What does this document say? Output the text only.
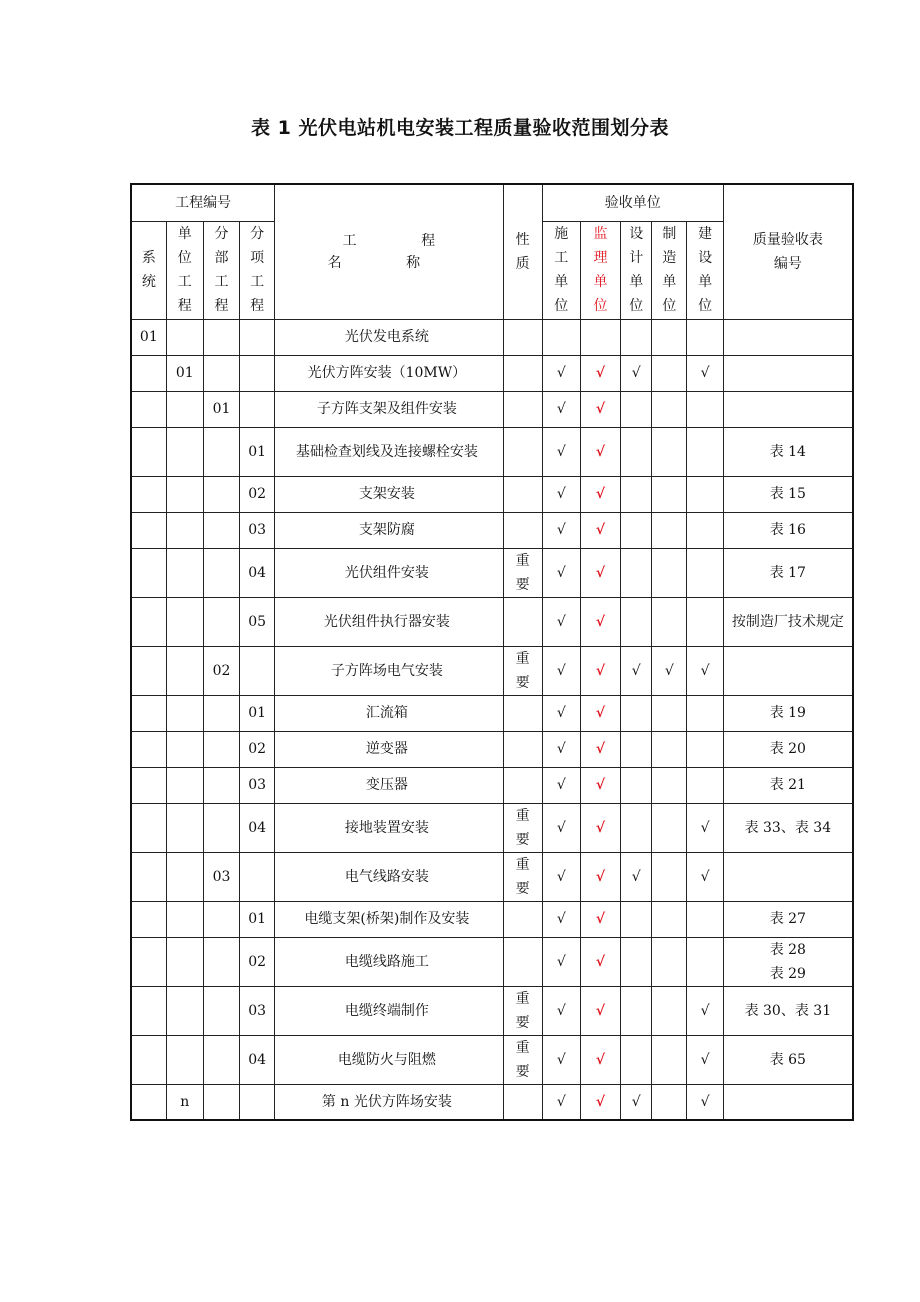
表 1 光伏电站机电安装工程质量验收范围划分表
工程编号				工 程 名 称	性质	验收单位					质量验收表编号

系统	单位工程	分部工程	分项工程			施工单位	监理单位	设计单位	制造单位	建设单位	

01				光伏发电系统							

	01			光伏方阵安装（10MW）		√	√	√		√	

		01		子方阵支架及组件安装		√	√				

			01	基础检查划线及连接螺栓安装		√	√				表 14

			02	支架安装		√	√				表 15

			03	支架防腐		√	√				表 16

			04	光伏组件安装	重要	√	√				表 17

			05	光伏组件执行器安装		√	√				按制造厂技术规定

		02		子方阵场电气安装	重要	√	√	√	√	√	

			01	汇流箱		√	√				表 19

			02	逆变器		√	√				表 20

			03	变压器		√	√				表 21

			04	接地装置安装	重要	√	√			√	表 33、表 34

		03		电气线路安装	重要	√	√	√		√	

			01	电缆支架(桥架)制作及安装		√	√				表 27

			02	电缆线路施工		√	√				表 28
表 29

			03	电缆终端制作	重要	√	√			√	表 30、表 31

			04	电缆防火与阻燃	重要	√	√			√	表 65

	n			第 n 光伏方阵场安装		√	√	√		√	
